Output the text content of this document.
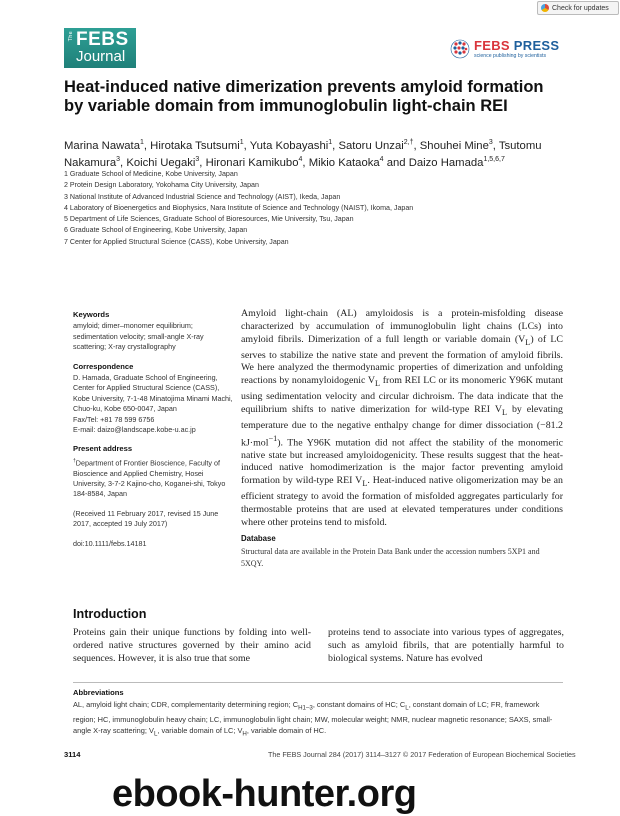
Check for updates
The FEBS
Journal
FEBS PRESS
science publishing by scientists
Heat-induced native dimerization prevents amyloid formation by variable domain from immunoglobulin light-chain REI

Marina Nawata$^1$, Hirotaka Tsutsumi$^1$, Yuta Kobayashi$^1$, Satoru Unzai$^{2,\dagger}$, Shouhei Mine$^3$, Tsutomu Nakamura$^3$, Koichi Uegaki$^3$, Hironari Kamikubo$^4$, Mikio Kataoka$^4$ and Daizo Hamada$^{1,5,6,7}$

1 Graduate School of Medicine, Kobe University, Japan
2 Protein Design Laboratory, Yokohama City University, Japan
3 National Institute of Advanced Industrial Science and Technology (AIST), Ikeda, Japan
4 Laboratory of Bioenergetics and Biophysics, Nara Institute of Science and Technology (NAIST), Ikoma, Japan
5 Department of Life Sciences, Graduate School of Bioresources, Mie University, Tsu, Japan
6 Graduate School of Engineering, Kobe University, Japan
7 Center for Applied Structural Science (CASS), Kobe University, Japan
Keywords

amyloid; dimer–monomer equilibrium; sedimentation velocity; small-angle X-ray scattering; X-ray crystallography

Correspondence

D. Hamada, Graduate School of Engineering, Center for Applied Structural Science (CASS), Kobe University, 7-1-48 Minatojima Minami Machi, Chuo-ku, Kobe 650-0047, Japan

Fax/Tel: +81 78 599 6756

E-mail: daizo@landscape.kobe-u.ac.jp

Present address

†Department of Frontier Bioscience, Faculty of Bioscience and Applied Chemistry, Hosei University, 3-7-2 Kajino-cho, Koganei-shi, Tokyo 184-8584, Japan

(Received 11 February 2017, revised 15 June 2017, accepted 19 July 2017)

doi:10.1111/febs.14181

Amyloid light-chain (AL) amyloidosis is a protein-misfolding disease characterized by accumulation of immunoglobulin light chains (LCs) into amyloid fibrils. Dimerization of a full length or variable domain $(V_L)$ of LC serves to stabilize the native state and prevent the formation of amyloid fibrils. We here analyzed the thermodynamic properties of dimerization and unfolding reactions by nonamyloidogenic $V_L$ from REI LC or its monomeric Y96K mutant using sedimentation velocity and circular dichroism. The data indicate that the equilibrium shifts to native dimerization for wild-type REI $V_L$ by elevating temperature due to the negative enthalpy change for dimer dissociation (−81.2 kJ·mol$^{-1}$). The Y96K mutation did not affect the stability of the monomeric native state but increased amyloidogenicity. These results suggest that the heat-induced native homodimerization is the major factor preventing amyloid formation by wild-type REI $V_L$. Heat-induced native oligomerization may be an efficient strategy to avoid the formation of misfolded aggregates particularly for thermostable proteins that are used at elevated temperatures under conditions where other proteins tend to misfold.

Database

Structural data are available in the Protein Data Bank under the accession numbers 5XP1 and 5XQY.

Introduction

Proteins gain their unique functions by folding into well-ordered native structures governed by their amino acid sequences. However, it is also true that some

proteins tend to associate into various types of aggregates, such as amyloid fibrils, that are potentially harmful to biological systems. Nature has evolved

Abbreviations

AL, amyloid light chain; CDR, complementarity determining region; $C_{H1-3}$, constant domains of HC; $C_L$, constant domain of LC; FR, framework region; HC, immunoglobulin heavy chain; LC, immunoglobulin light chain; MW, molecular weight; NMR, nuclear magnetic resonance; SAXS, small-angle X-ray scattering; $V_L$, variable domain of LC; $V_H$, variable domain of HC.

3114	The FEBS Journal 284 (2017) 3114–3127 © 2017 Federation of European Biochemical Societies
ebook-hunter.org
